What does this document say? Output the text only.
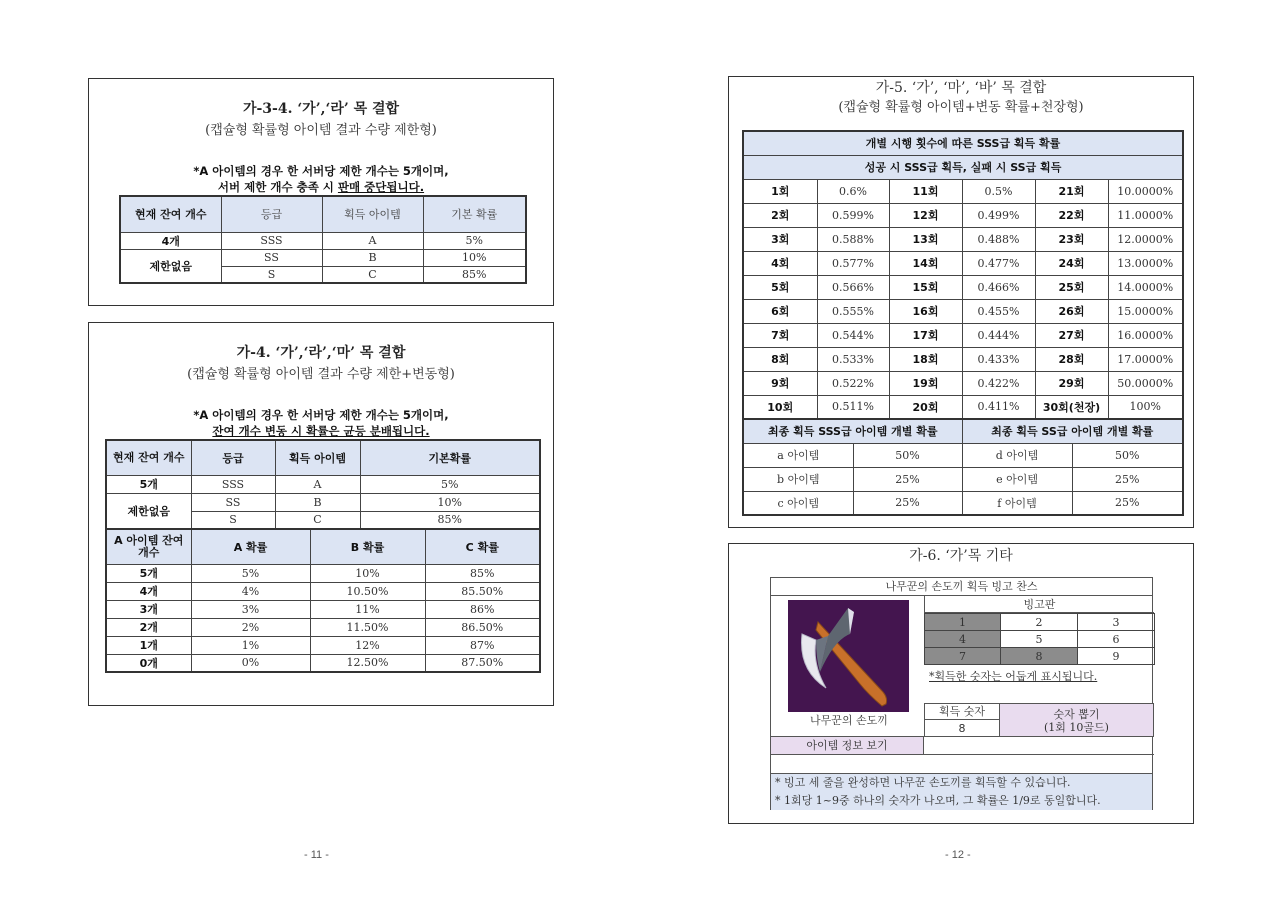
가-3-4. ‘가’,‘라’ 목 결합
(캡슐형 확률형 아이템 결과 수량 제한형)
*A 아이템의 경우 한 서버당 제한 개수는 5개이며,
서버 제한 개수 충족 시 판매 중단됩니다.
현재 잔여 개수	등급	획득 아이템	기본 확률
4개	SSS	A	5%
제한없음	SS	B	10%
	S	C	85%
가-4. ‘가’,‘라’,‘마’ 목 결합
(캡슐형 확률형 아이템 결과 수량 제한+변동형)
*A 아이템의 경우 한 서버당 제한 개수는 5개이며,
잔여 개수 변동 시 확률은 균등 분배됩니다.
현재 잔여 개수	등급	획득 아이템	기본확률
5개	SSS	A	5%
제한없음	SS	B	10%
	S	C	85%
A 아이템 잔여 개수	A 확률	B 확률	C 확률
5개	5%	10%	85%
4개	4%	10.50%	85.50%
3개	3%	11%	86%
2개	2%	11.50%	86.50%
1개	1%	12%	87%
0개	0%	12.50%	87.50%
- 11 -
가-5. ‘가’, ‘마’, ‘바’ 목 결합
(캡슐형 확률형 아이템+변동 확률+천장형)
개별 시행 횟수에 따른 SSS급 획득 확률					
성공 시 SSS급 획득, 실패 시 SS급 획득					
1회	0.6%	11회	0.5%	21회	10.0000%
2회	0.599%	12회	0.499%	22회	11.0000%
3회	0.588%	13회	0.488%	23회	12.0000%
4회	0.577%	14회	0.477%	24회	13.0000%
5회	0.566%	15회	0.466%	25회	14.0000%
6회	0.555%	16회	0.455%	26회	15.0000%
7회	0.544%	17회	0.444%	27회	16.0000%
8회	0.533%	18회	0.433%	28회	17.0000%
9회	0.522%	19회	0.422%	29회	50.0000%
10회	0.511%	20회	0.411%	30회(천장)	100%
최종 획득 SSS급 아이템 개별 확률		최종 획득 SS급 아이템 개별 확률	
a 아이템	50%	d 아이템	50%
b 아이템	25%	e 아이템	25%
c 아이템	25%	f 아이템	25%
가-6. ‘가’목 기타
나무꾼의 손도끼 획득 빙고 찬스
나무꾼의 손도끼
빙고판
1	2	3
4	5	6
7	8	9
*획득한 숫자는 어둡게 표시됩니다.
획득 숫자
8
숫자 뽑기
(1회 10골드)
아이템 정보 보기
* 빙고 세 줄을 완성하면 나무꾼 손도끼를 획득할 수 있습니다.
* 1회당 1~9중 하나의 숫자가 나오며, 그 확률은 1/9로 동일합니다.
- 12 -
